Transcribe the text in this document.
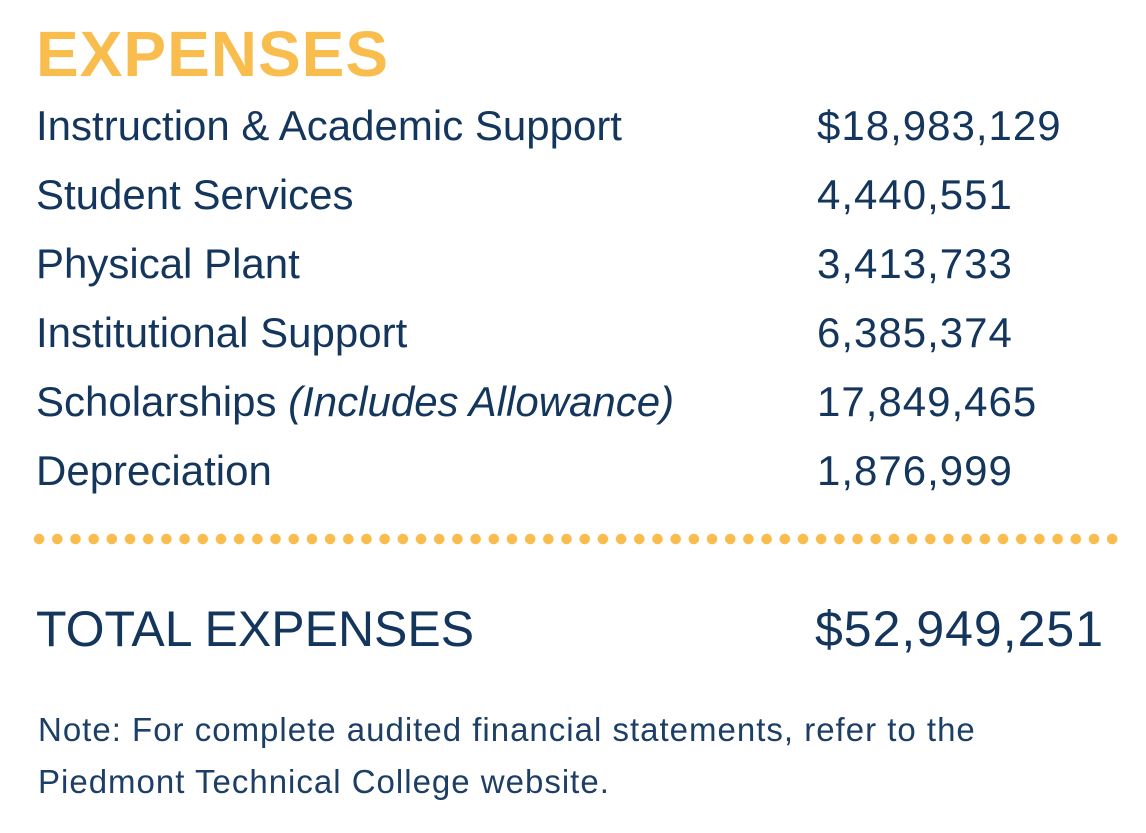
EXPENSES
Instruction & Academic Support	$18,983,129
Student Services	4,440,551
Physical Plant	3,413,733
Institutional Support	6,385,374
Scholarships (Includes Allowance)	17,849,465
Depreciation	1,876,999
TOTAL EXPENSES	$52,949,251
Note: For complete audited financial statements, refer to the Piedmont Technical College website.
